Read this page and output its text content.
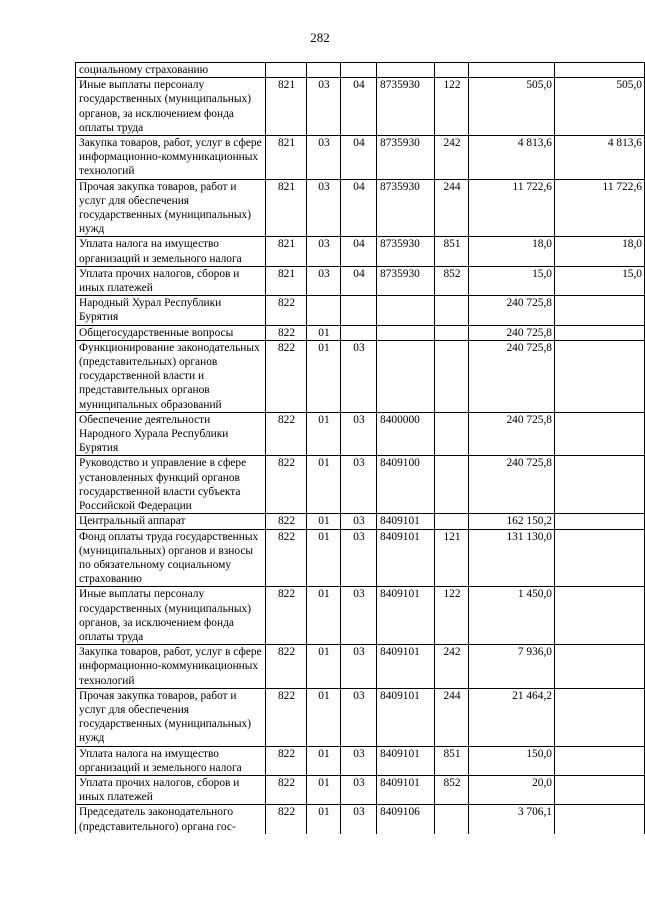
282
социальному страхованию							
Иные выплаты персоналу государственных (муниципальных) органов, за исключением фонда оплаты труда	821	03	04	8735930	122	505,0	505,0
Закупка товаров, работ, услуг в сфере информационно-коммуникационных технологий	821	03	04	8735930	242	4 813,6	4 813,6
Прочая закупка товаров, работ и услуг для обеспечения государственных (муниципальных) нужд	821	03	04	8735930	244	11 722,6	11 722,6
Уплата налога на имущество организаций и земельного налога	821	03	04	8735930	851	18,0	18,0
Уплата прочих налогов, сборов и иных платежей	821	03	04	8735930	852	15,0	15,0
Народный Хурал Республики Бурятия	822					240 725,8	
Общегосударственные вопросы	822	01				240 725,8	
Функционирование законодательных (представительных) органов государственной власти и представительных органов муниципальных образований	822	01	03			240 725,8	
Обеспечение деятельности Народного Хурала Республики Бурятия	822	01	03	8400000		240 725,8	
Руководство и управление в сфере установленных функций органов государственной власти субъекта Российской Федерации	822	01	03	8409100		240 725,8	
Центральный аппарат	822	01	03	8409101		162 150,2	
Фонд оплаты труда государственных (муниципальных) органов и взносы по обязательному социальному страхованию	822	01	03	8409101	121	131 130,0	
Иные выплаты персоналу государственных (муниципальных) органов, за исключением фонда оплаты труда	822	01	03	8409101	122	1 450,0	
Закупка товаров, работ, услуг в сфере информационно-коммуникационных технологий	822	01	03	8409101	242	7 936,0	
Прочая закупка товаров, работ и услуг для обеспечения государственных (муниципальных) нужд	822	01	03	8409101	244	21 464,2	
Уплата налога на имущество организаций и земельного налога	822	01	03	8409101	851	150,0	
Уплата прочих налогов, сборов и иных платежей	822	01	03	8409101	852	20,0	
Председатель законодательного (представительного) органа гос-	822	01	03	8409106		3 706,1	
